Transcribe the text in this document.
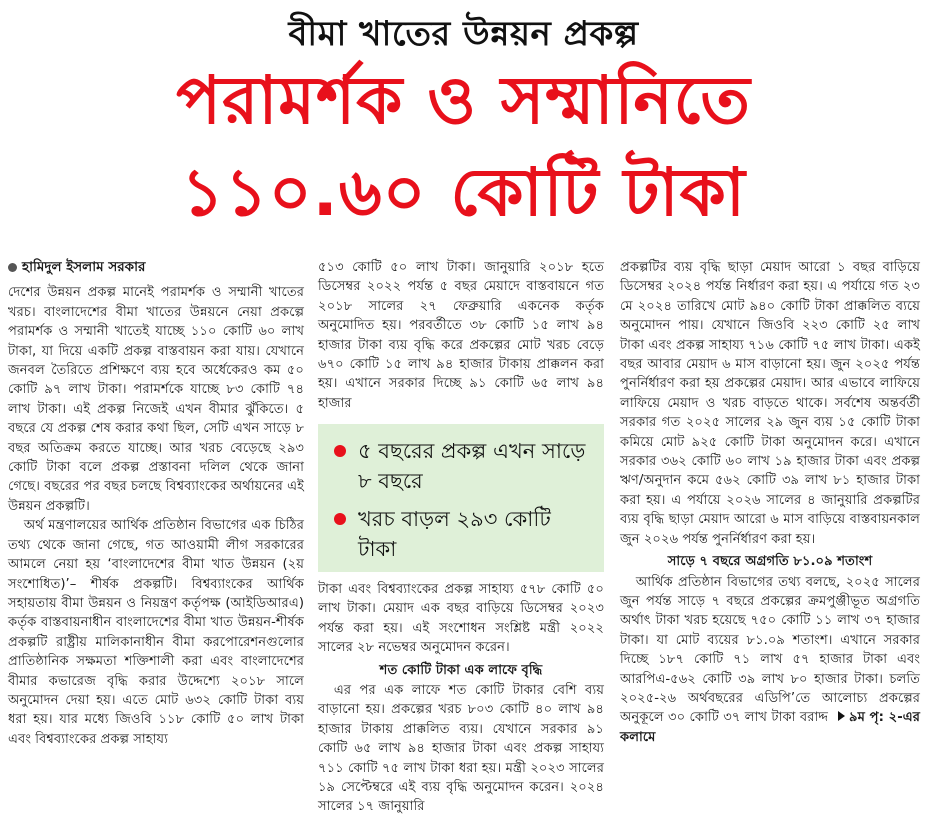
বীমা খাতের উন্নয়ন প্রকল্প
পরামর্শক ও সম্মানিতে
১১০.৬০ কোটি টাকা

হামিদুল ইসলাম সরকার

দেশের উন্নয়ন প্রকল্প মানেই পরামর্শক ও সম্মানী খাতের খরচ। বাংলাদেশের বীমা খাতের উন্নয়নে নেয়া প্রকল্পে পরামর্শক ও সম্মানী খাতেই যাচ্ছে ১১০ কোটি ৬০ লাখ টাকা, যা দিয়ে একটি প্রকল্প বাস্তবায়ন করা যায়। যেখানে জনবল তৈরিতে প্রশিক্ষণে ব্যয় হবে অর্ধেকেরও কম ৫০ কোটি ৯৭ লাখ টাকা। পরামর্শকে যাচ্ছে ৮৩ কোটি ৭৪ লাখ টাকা। এই প্রকল্প নিজেই এখন বীমার ঝুঁকিতে। ৫ বছরে যে প্রকল্প শেষ করার কথা ছিল, সেটি এখন সাড়ে ৮ বছর অতিক্রম করতে যাচ্ছে। আর খরচ বেড়েছে ২৯৩ কোটি টাকা বলে প্রকল্প প্রস্তাবনা দলিল থেকে জানা গেছে। বছরের পর বছর চলছে বিশ্বব্যাংকের অর্থায়নের এই উন্নয়ন প্রকল্পটি।

অর্থ মন্ত্রণালয়ের আর্থিক প্রতিষ্ঠান বিভাগের এক চিঠির তথ্য থেকে জানা গেছে, গত আওয়ামী লীগ সরকারের আমলে নেয়া হয় ‘বাংলাদেশের বীমা খাত উন্নয়ন (২য় সংশোধিত)’– শীর্ষক প্রকল্পটি। বিশ্বব্যাংকের আর্থিক সহায়তায় বীমা উন্নয়ন ও নিয়ন্ত্রণ কর্তৃপক্ষ (আইডিআরএ) কর্তৃক বাস্তবায়নাধীন বাংলাদেশের বীমা খাত উন্নয়ন-শীর্ষক প্রকল্পটি রাষ্ট্রীয় মালিকানাধীন বীমা করপোরেশনগুলোর প্রাতিষ্ঠানিক সক্ষমতা শক্তিশালী করা এবং বাংলাদেশের বীমার কভারেজ বৃদ্ধি করার উদ্দেশ্যে ২০১৮ সালে অনুমোদন দেয়া হয়। এতে মোট ৬৩২ কোটি টাকা ব্যয় ধরা হয়। যার মধ্যে জিওবি ১১৮ কোটি ৫০ লাখ টাকা এবং বিশ্বব্যাংকের প্রকল্প সাহায্য

৫১৩ কোটি ৫০ লাখ টাকা। জানুয়ারি ২০১৮ হতে ডিসেম্বর ২০২২ পর্যন্ত ৫ বছর মেয়াদে বাস্তবায়নে গত ২০১৮ সালের ২৭ ফেব্রুয়ারি একনেক কর্তৃক অনুমোদিত হয়। পরবর্তীতে ৩৮ কোটি ১৫ লাখ ৯৪ হাজার টাকা ব্যয় বৃদ্ধি করে প্রকল্পের মোট খরচ বেড়ে ৬৭০ কোটি ১৫ লাখ ৯৪ হাজার টাকায় প্রাক্কলন করা হয়। এখানে সরকার দিচ্ছে ৯১ কোটি ৬৫ লাখ ৯৪ হাজার

৫ বছরের প্রকল্প এখন সাড়ে ৮ বছরে
খরচ বাড়ল ২৯৩ কোটি টাকা

টাকা এবং বিশ্বব্যাংকের প্রকল্প সাহায্য ৫৭৮ কোটি ৫০ লাখ টাকা। মেয়াদ এক বছর বাড়িয়ে ডিসেম্বর ২০২৩ পর্যন্ত করা হয়। এই সংশোধন সংশ্লিষ্ট মন্ত্রী ২০২২ সালের ২৮ নভেম্বর অনুমোদন করেন।

শত কোটি টাকা এক লাফে বৃদ্ধি

এর পর এক লাফে শত কোটি টাকার বেশি ব্যয় বাড়ানো হয়। প্রকল্পের খরচ ৮০৩ কোটি ৪০ লাখ ৯৪ হাজার টাকায় প্রাক্কলিত ব্যয়। যেখানে সরকার ৯১ কোটি ৬৫ লাখ ৯৪ হাজার টাকা এবং প্রকল্প সাহায্য ৭১১ কোটি ৭৫ লাখ টাকা ধরা হয়। মন্ত্রী ২০২৩ সালের ১৯ সেপ্টেম্বরে এই ব্যয় বৃদ্ধি অনুমোদন করেন। ২০২৪ সালের ১৭ জানুয়ারি

প্রকল্পটির ব্যয় বৃদ্ধি ছাড়া মেয়াদ আরো ১ বছর বাড়িয়ে ডিসেম্বর ২০২৪ পর্যন্ত নির্ধারণ করা হয়। এ পর্যায়ে গত ২৩ মে ২০২৪ তারিখে মোট ৯৪০ কোটি টাকা প্রাক্কলিত ব্যয়ে অনুমোদন পায়। যেখানে জিওবি ২২৩ কোটি ২৫ লাখ টাকা এবং প্রকল্প সাহায্য ৭১৬ কোটি ৭৫ লাখ টাকা। একই বছর আবার মেয়াদ ৬ মাস বাড়ানো হয়। জুন ২০২৫ পর্যন্ত পুনর্নির্ধারণ করা হয় প্রকল্পের মেয়াদ। আর এভাবে লাফিয়ে লাফিয়ে মেয়াদ ও খরচ বাড়তে থাকে। সর্বশেষ অন্তর্বর্তী সরকার গত ২০২৫ সালের ২৯ জুন ব্যয় ১৫ কোটি টাকা কমিয়ে মোট ৯২৫ কোটি টাকা অনুমোদন করে। এখানে সরকার ৩৬২ কোটি ৬০ লাখ ১৯ হাজার টাকা এবং প্রকল্প ঋণ/অনুদান কমে ৫৬২ কোটি ৩৯ লাখ ৮১ হাজার টাকা করা হয়। এ পর্যায়ে ২০২৬ সালের ৪ জানুয়ারি প্রকল্পটির ব্যয় বৃদ্ধি ছাড়া মেয়াদ আরো ৬ মাস বাড়িয়ে বাস্তবায়নকাল জুন ২০২৬ পর্যন্ত পুনর্নির্ধারণ করা হয়।

সাড়ে ৭ বছরে অগ্রগতি ৮১.০৯ শতাংশ

আর্থিক প্রতিষ্ঠান বিভাগের তথ্য বলছে, ২০২৫ সালের জুন পর্যন্ত সাড়ে ৭ বছরে প্রকল্পের ক্রমপুঞ্জীভূত অগ্রগতি অর্থাৎ টাকা খরচ হয়েছে ৭৫০ কোটি ১১ লাখ ৩৭ হাজার টাকা। যা মোট ব্যয়ের ৮১.০৯ শতাংশ। এখানে সরকার দিচ্ছে ১৮৭ কোটি ৭১ লাখ ৫৭ হাজার টাকা এবং আরপিএ-৫৬২ কোটি ৩৯ লাখ ৮০ হাজার টাকা। চলতি ২০২৫-২৬ অর্থবছরের এডিপি’তে আলোচ্য প্রকল্পের অনুকূলে ৩০ কোটি ৩৭ লাখ টাকা বরাদ্দ ৯ম পৃ: ২-এর কলামে
